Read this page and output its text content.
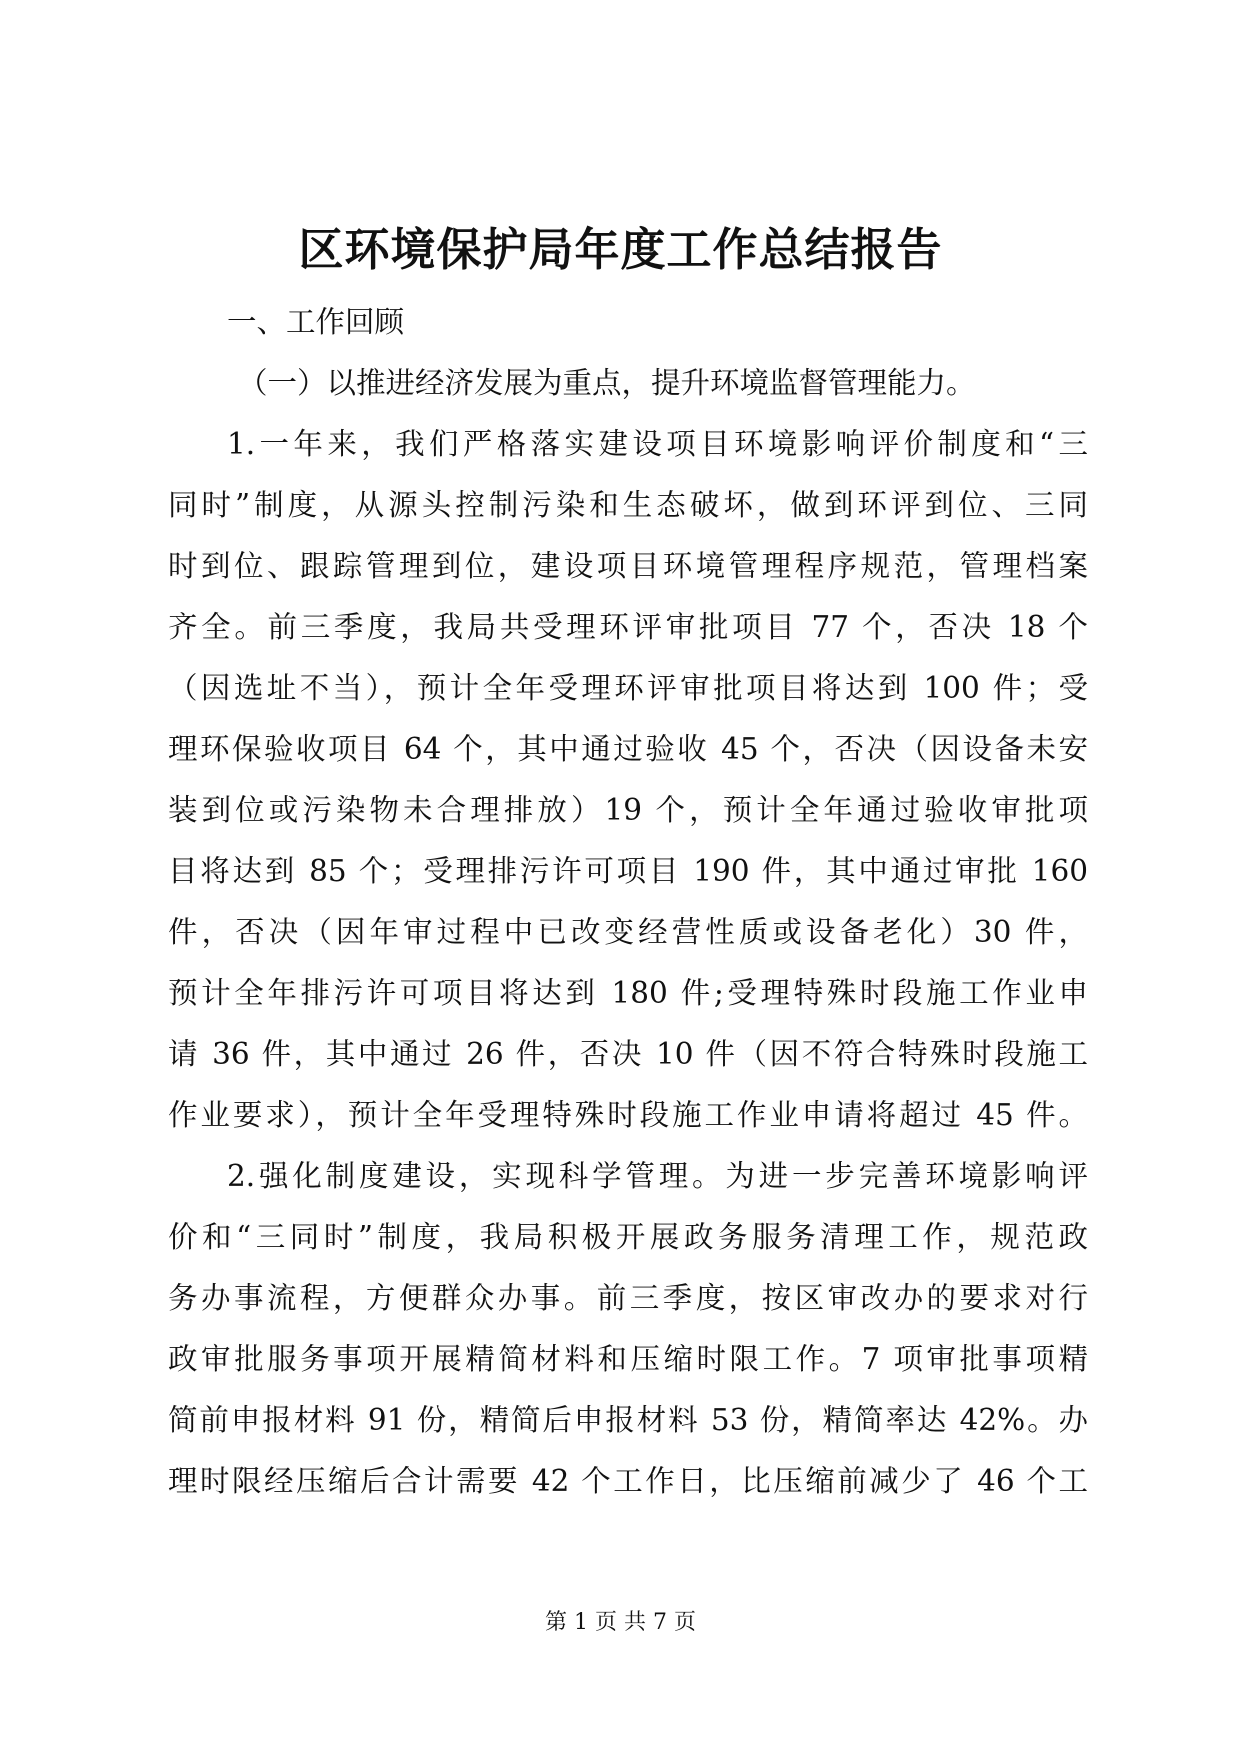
区环境保护局年度工作总结报告
一、工作回顾
（一）以推进经济发展为重点，提升环境监督管理能力。
1.一年来，我们严格落实建设项目环境影响评价制度和“三
同时”制度，从源头控制污染和生态破坏，做到环评到位、三同
时到位、跟踪管理到位，建设项目环境管理程序规范，管理档案
齐全。前三季度，我局共受理环评审批项目 77 个，否决 18 个
（因选址不当），预计全年受理环评审批项目将达到 100 件；受
理环保验收项目 64 个，其中通过验收 45 个，否决（因设备未安
装到位或污染物未合理排放）19 个，预计全年通过验收审批项
目将达到 85 个；受理排污许可项目 190 件，其中通过审批 160
件，否决（因年审过程中已改变经营性质或设备老化）30 件，
预计全年排污许可项目将达到 180 件;受理特殊时段施工作业申
请 36 件，其中通过 26 件，否决 10 件（因不符合特殊时段施工
作业要求），预计全年受理特殊时段施工作业申请将超过 45 件。
2.强化制度建设，实现科学管理。为进一步完善环境影响评
价和“三同时”制度，我局积极开展政务服务清理工作，规范政
务办事流程，方便群众办事。前三季度，按区审改办的要求对行
政审批服务事项开展精简材料和压缩时限工作。7 项审批事项精
简前申报材料 91 份，精简后申报材料 53 份，精简率达 42%。办
理时限经压缩后合计需要 42 个工作日，比压缩前减少了 46 个工
第 1 页 共 7 页
